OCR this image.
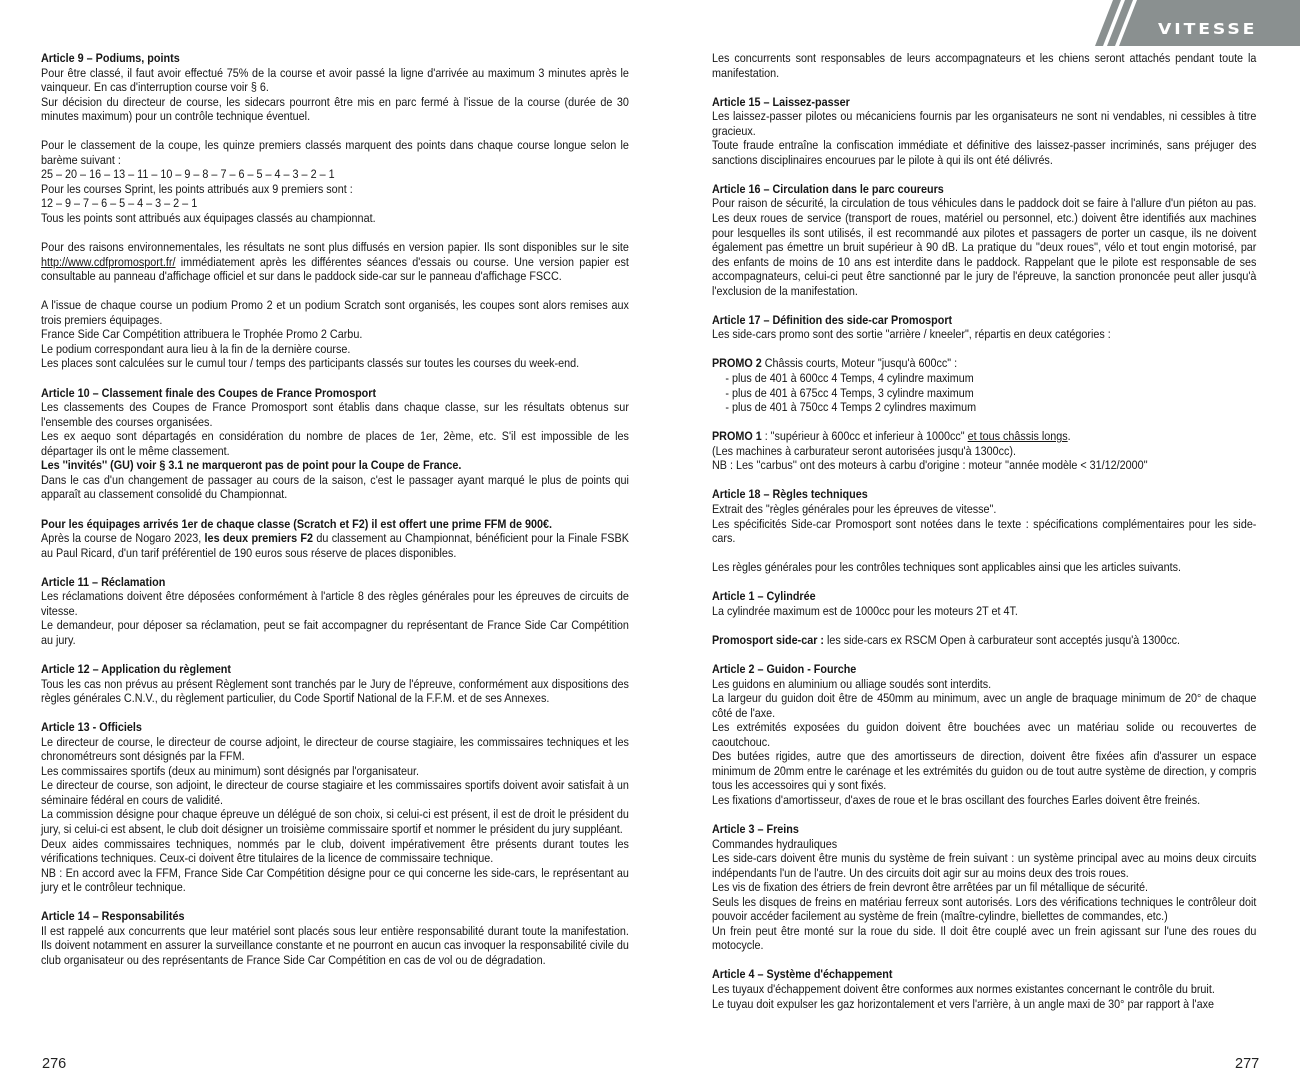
VITESSE

Article 9 – Podiums, points

Pour être classé, il faut avoir effectué 75% de la course et avoir passé la ligne d'arrivée au maximum 3 minutes après le vainqueur. En cas d'interruption course voir § 6.

Sur décision du directeur de course, les sidecars pourront être mis en parc fermé à l'issue de la course (durée de 30 minutes maximum) pour un contrôle technique éventuel.

Pour le classement de la coupe, les quinze premiers classés marquent des points dans chaque course longue selon le barème suivant :

25 – 20 – 16 – 13 – 11 – 10 – 9 – 8 – 7 – 6 – 5 – 4 – 3 – 2 – 1

Pour les courses Sprint, les points attribués aux 9 premiers sont :

12 – 9 – 7 – 6 – 5 – 4 – 3 – 2 – 1

Tous les points sont attribués aux équipages classés au championnat.

Pour des raisons environnementales, les résultats ne sont plus diffusés en version papier. Ils sont disponibles sur le site http://www.cdfpromosport.fr/ immédiatement après les différentes séances d'essais ou course. Une version papier est consultable au panneau d'affichage officiel et sur dans le paddock side-car sur le panneau d'affichage FSCC.

A l'issue de chaque course un podium Promo 2 et un podium Scratch sont organisés, les coupes sont alors remises aux trois premiers équipages.

France Side Car Compétition attribuera le Trophée Promo 2 Carbu.

Le podium correspondant aura lieu à la fin de la dernière course.

Les places sont calculées sur le cumul tour / temps des participants classés sur toutes les courses du week-end.

Article 10 – Classement finale des Coupes de France Promosport

Les classements des Coupes de France Promosport sont établis dans chaque classe, sur les résultats obtenus sur l'ensemble des courses organisées.

Les ex aequo sont départagés en considération du nombre de places de 1er, 2ème, etc. S'il est impossible de les départager ils ont le même classement.

Les ''invités'' (GU) voir § 3.1 ne marqueront pas de point pour la Coupe de France.

Dans le cas d'un changement de passager au cours de la saison, c'est le passager ayant marqué le plus de points qui apparaît au classement consolidé du Championnat.

Pour les équipages arrivés 1er de chaque classe (Scratch et F2) il est offert une prime FFM de 900€.

Après la course de Nogaro 2023, les deux premiers F2 du classement au Championnat, bénéficient pour la Finale FSBK au Paul Ricard, d'un tarif préférentiel de 190 euros sous réserve de places disponibles.

Article 11 – Réclamation

Les réclamations doivent être déposées conformément à l'article 8 des règles générales pour les épreuves de circuits de vitesse.

Le demandeur, pour déposer sa réclamation, peut se fait accompagner du représentant de France Side Car Compétition au jury.

Article 12 – Application du règlement

Tous les cas non prévus au présent Règlement sont tranchés par le Jury de l'épreuve, conformément aux dispositions des règles générales C.N.V., du règlement particulier, du Code Sportif National de la F.F.M. et de ses Annexes.

Article 13 - Officiels

Le directeur de course, le directeur de course adjoint, le directeur de course stagiaire, les commissaires techniques et les chronométreurs sont désignés par la FFM.

Les commissaires sportifs (deux au minimum) sont désignés par l'organisateur.

Le directeur de course, son adjoint, le directeur de course stagiaire et les commissaires sportifs doivent avoir satisfait à un séminaire fédéral en cours de validité.

La commission désigne pour chaque épreuve un délégué de son choix, si celui-ci est présent, il est de droit le président du jury, si celui-ci est absent, le club doit désigner un troisième commissaire sportif et nommer le président du jury suppléant.

Deux aides commissaires techniques, nommés par le club, doivent impérativement être présents durant toutes les vérifications techniques. Ceux-ci doivent être titulaires de la licence de commissaire technique.

NB : En accord avec la FFM, France Side Car Compétition désigne pour ce qui concerne les side-cars, le représentant au jury et le contrôleur technique.

Article 14 – Responsabilités

Il est rappelé aux concurrents que leur matériel sont placés sous leur entière responsabilité durant toute la manifestation. Ils doivent notamment en assurer la surveillance constante et ne pourront en aucun cas invoquer la responsabilité civile du club organisateur ou des représentants de France Side Car Compétition en cas de vol ou de dégradation.

276

Les concurrents sont responsables de leurs accompagnateurs et les chiens seront attachés pendant toute la manifestation.

Article 15 – Laissez-passer

Les laissez-passer pilotes ou mécaniciens fournis par les organisateurs ne sont ni vendables, ni cessibles à titre gracieux.

Toute fraude entraîne la confiscation immédiate et définitive des laissez-passer incriminés, sans préjuger des sanctions disciplinaires encourues par le pilote à qui ils ont été délivrés.

Article 16 – Circulation dans le parc coureurs

Pour raison de sécurité, la circulation de tous véhicules dans le paddock doit se faire à l'allure d'un piéton au pas. Les deux roues de service (transport de roues, matériel ou personnel, etc.) doivent être identifiés aux machines pour lesquelles ils sont utilisés, il est recommandé aux pilotes et passagers de porter un casque, ils ne doivent également pas émettre un bruit supérieur à 90 dB. La pratique du ''deux roues'', vélo et tout engin motorisé, par des enfants de moins de 10 ans est interdite dans le paddock. Rappelant que le pilote est responsable de ses accompagnateurs, celui-ci peut être sanctionné par le jury de l'épreuve, la sanction prononcée peut aller jusqu'à l'exclusion de la manifestation.

Article 17 – Définition des side-car Promosport

Les side-cars promo sont des sortie "arrière / kneeler", répartis en deux catégories :

PROMO 2 Châssis courts, Moteur "jusqu'à 600cc" :

- plus de 401 à 600cc 4 Temps, 4 cylindre maximum

- plus de 401 à 675cc 4 Temps, 3 cylindre maximum

- plus de 401 à 750cc 4 Temps 2 cylindres maximum

PROMO 1 : "supérieur à 600cc et inferieur à 1000cc" et tous châssis longs.

(Les machines à carburateur seront autorisées jusqu'à 1300cc).

NB : Les ''carbus'' ont des moteurs à carbu d'origine : moteur ''année modèle < 31/12/2000''

Article 18 – Règles techniques

Extrait des "règles générales pour les épreuves de vitesse".

Les spécificités Side-car Promosport sont notées dans le texte : spécifications complémentaires pour les side-cars.

Les règles générales pour les contrôles techniques sont applicables ainsi que les articles suivants.

Article 1 – Cylindrée

La cylindrée maximum est de 1000cc pour les moteurs 2T et 4T.

Promosport side-car : les side-cars ex RSCM Open à carburateur sont acceptés jusqu'à 1300cc.

Article 2 – Guidon - Fourche

Les guidons en aluminium ou alliage soudés sont interdits.

La largeur du guidon doit être de 450mm au minimum, avec un angle de braquage minimum de 20° de chaque côté de l'axe.

Les extrémités exposées du guidon doivent être bouchées avec un matériau solide ou recouvertes de caoutchouc.

Des butées rigides, autre que des amortisseurs de direction, doivent être fixées afin d'assurer un espace minimum de 20mm entre le carénage et les extrémités du guidon ou de tout autre système de direction, y compris tous les accessoires qui y sont fixés.

Les fixations d'amortisseur, d'axes de roue et le bras oscillant des fourches Earles doivent être freinés.

Article 3 – Freins

Commandes hydrauliques

Les side-cars doivent être munis du système de frein suivant : un système principal avec au moins deux circuits indépendants l'un de l'autre. Un des circuits doit agir sur au moins deux des trois roues.

Les vis de fixation des étriers de frein devront être arrêtées par un fil métallique de sécurité.

Seuls les disques de freins en matériau ferreux sont autorisés. Lors des vérifications techniques le contrôleur doit pouvoir accéder facilement au système de frein (maître-cylindre, biellettes de commandes, etc.)

Un frein peut être monté sur la roue du side. Il doit être couplé avec un frein agissant sur l'une des roues du motocycle.

Article 4 – Système d'échappement

Les tuyaux d'échappement doivent être conformes aux normes existantes concernant le contrôle du bruit.

Le tuyau doit expulser les gaz horizontalement et vers l'arrière, à un angle maxi de 30° par rapport à l'axe

277
